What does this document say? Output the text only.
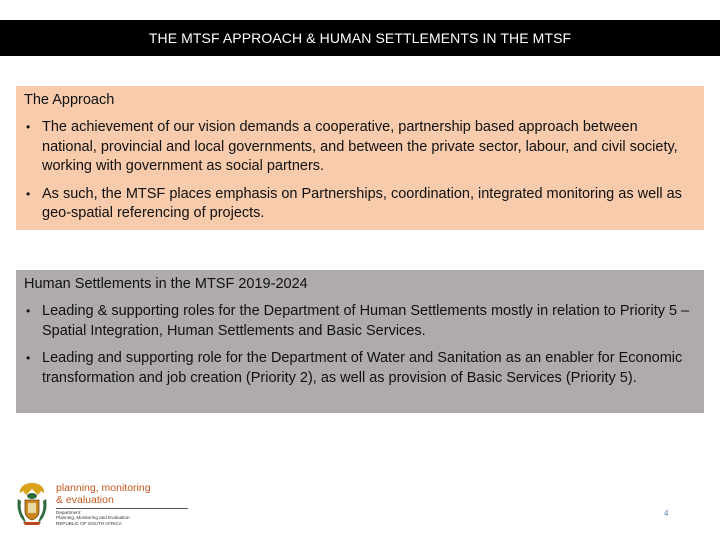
THE MTSF APPROACH & HUMAN SETTLEMENTS IN THE MTSF
The Approach
• The achievement of our vision demands a cooperative, partnership based approach between national, provincial and local governments, and between the private sector, labour, and civil society, working with government as social partners.
• As such, the MTSF places emphasis on Partnerships, coordination, integrated monitoring as well as geo-spatial referencing of projects.
Human Settlements in the MTSF 2019-2024
• Leading & supporting roles for the Department of Human Settlements mostly in relation to Priority 5 – Spatial Integration, Human Settlements and Basic Services.
• Leading and supporting role for the Department of Water and Sanitation as an enabler for Economic transformation and job creation (Priority 2), as well as provision of Basic Services (Priority 5).
planning, monitoring
& evaluation
Department:
Planning, Monitoring and Evaluation
REPUBLIC OF SOUTH AFRICA
4
